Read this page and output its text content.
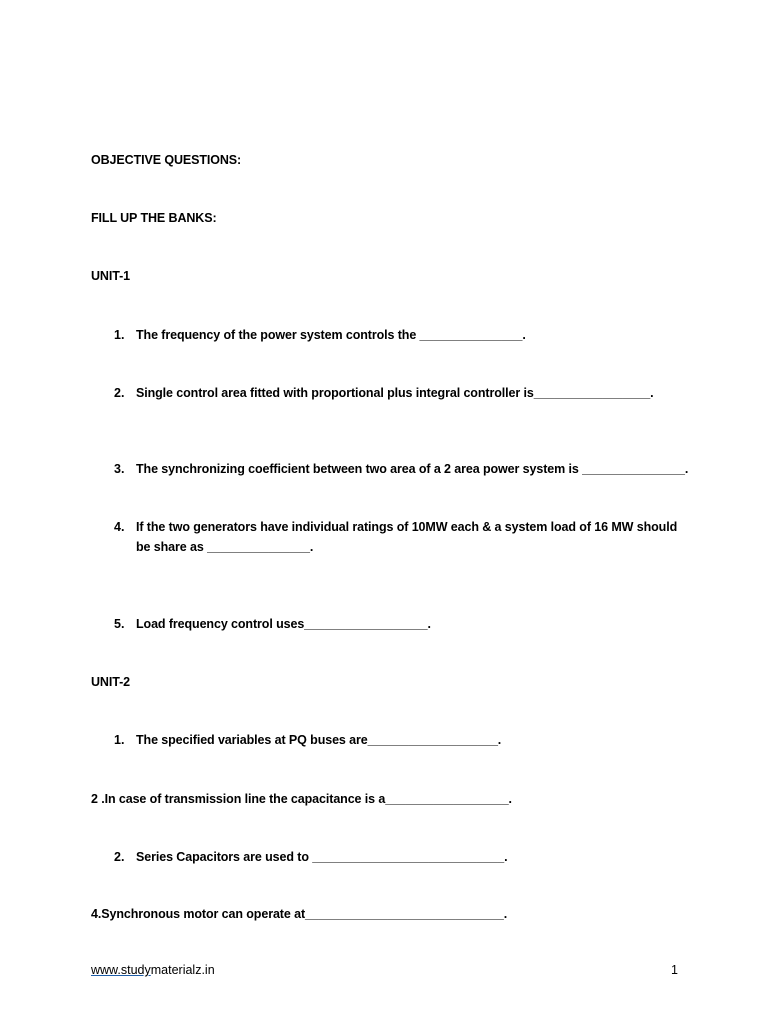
OBJECTIVE QUESTIONS:
FILL UP THE BANKS:
UNIT-1
1. The frequency of the power system controls the _______________.
2. Single control area fitted with proportional plus integral controller is_________________.
3. The synchronizing coefficient between two area of a 2 area power system is _______________.
4. If the two generators have individual ratings of 10MW each & a system load of 16 MW should
be share as _______________.
5. Load frequency control uses__________________.
UNIT-2
1. The specified variables at PQ buses are___________________.
2 .In case of transmission line the capacitance is a__________________.
2. Series Capacitors are used to ____________________________.
4.Synchronous motor can operate at_____________________________.
www.studymaterialz.in	1
